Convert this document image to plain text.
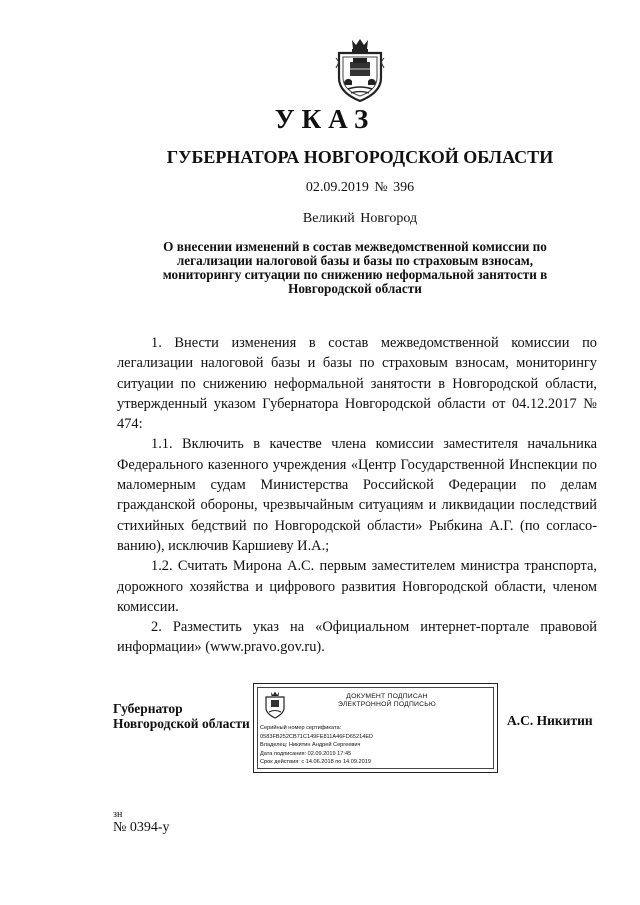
УКАЗ
ГУБЕРНАТОРА НОВГОРОДСКОЙ ОБЛАСТИ
02.09.2019 № 396
Великий Новгород
О внесении изменений в состав межведомственной комиссии по
легализации налоговой базы и базы по страховым взносам,
мониторингу ситуации по снижению неформальной занятости в
Новгородской области

1. Внести изменения в состав межведомственной комиссии по легализации налоговой базы и базы по страховым взносам, мониторингу ситуации по снижению неформальной занятости в Новгородской области, утвержденный указом Губернатора Новгородской области от 04.12.2017 № 474:

1.1. Включить в качестве члена комиссии заместителя начальника Федерального казенного учреждения «Центр Государственной Инспекции по маломерным судам Министерства Российской Федерации по делам гражданской обороны, чрезвычайным ситуациям и ликвидации последствий стихийных бедствий по Новгородской области» Рыбкина А.Г. (по согласованию), исключив Каршиеву И.А.;

1.2. Считать Мирона А.С. первым заместителем министра транспорта, дорожного хозяйства и цифрового развития Новгородской области, членом комиссии.

2. Разместить указ на «Официальном интернет-портале правовой информации» (www.pravo.gov.ru).

Губернатор
Новгородской области
ДОКУМЕНТ ПОДПИСАН
ЭЛЕКТРОННОЙ ПОДПИСЬЮ
Серийный номер сертификата:
0583FB252CB71C149FE811A46FD65214ED
Владелец: Никитин Андрей Сергеевич
Дата подписания: 02.09.2019 17:45
Срок действия: с 14.06.2018 по 14.09.2019
А.С. Никитин
зн
№ 0394-у
